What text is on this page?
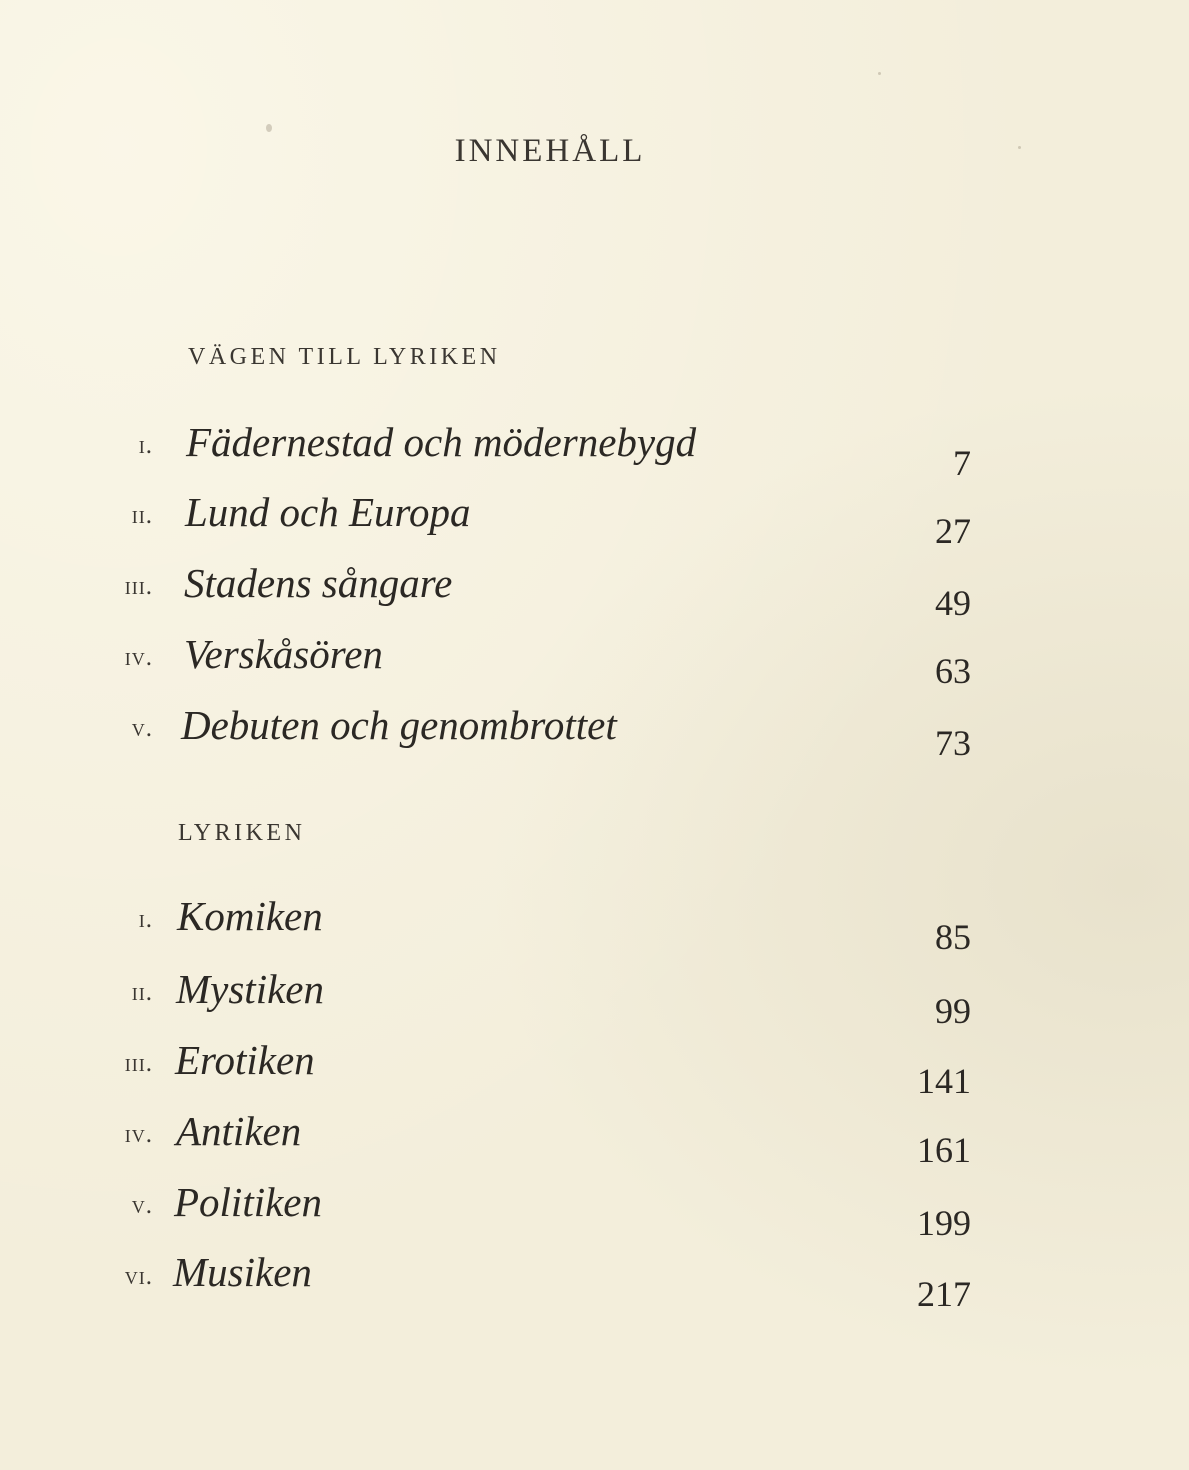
INNEHÅLL
VÄGEN TILL LYRIKEN
i. Fädernestad och mödernebygd	7
ii. Lund och Europa	27
iii. Stadens sångare	49
iv. Verskåsören	63
v. Debuten och genombrottet	73
LYRIKEN
i. Komiken	85
ii. Mystiken	99
iii. Erotiken	141
iv. Antiken	161
v. Politiken	199
vi. Musiken	217
